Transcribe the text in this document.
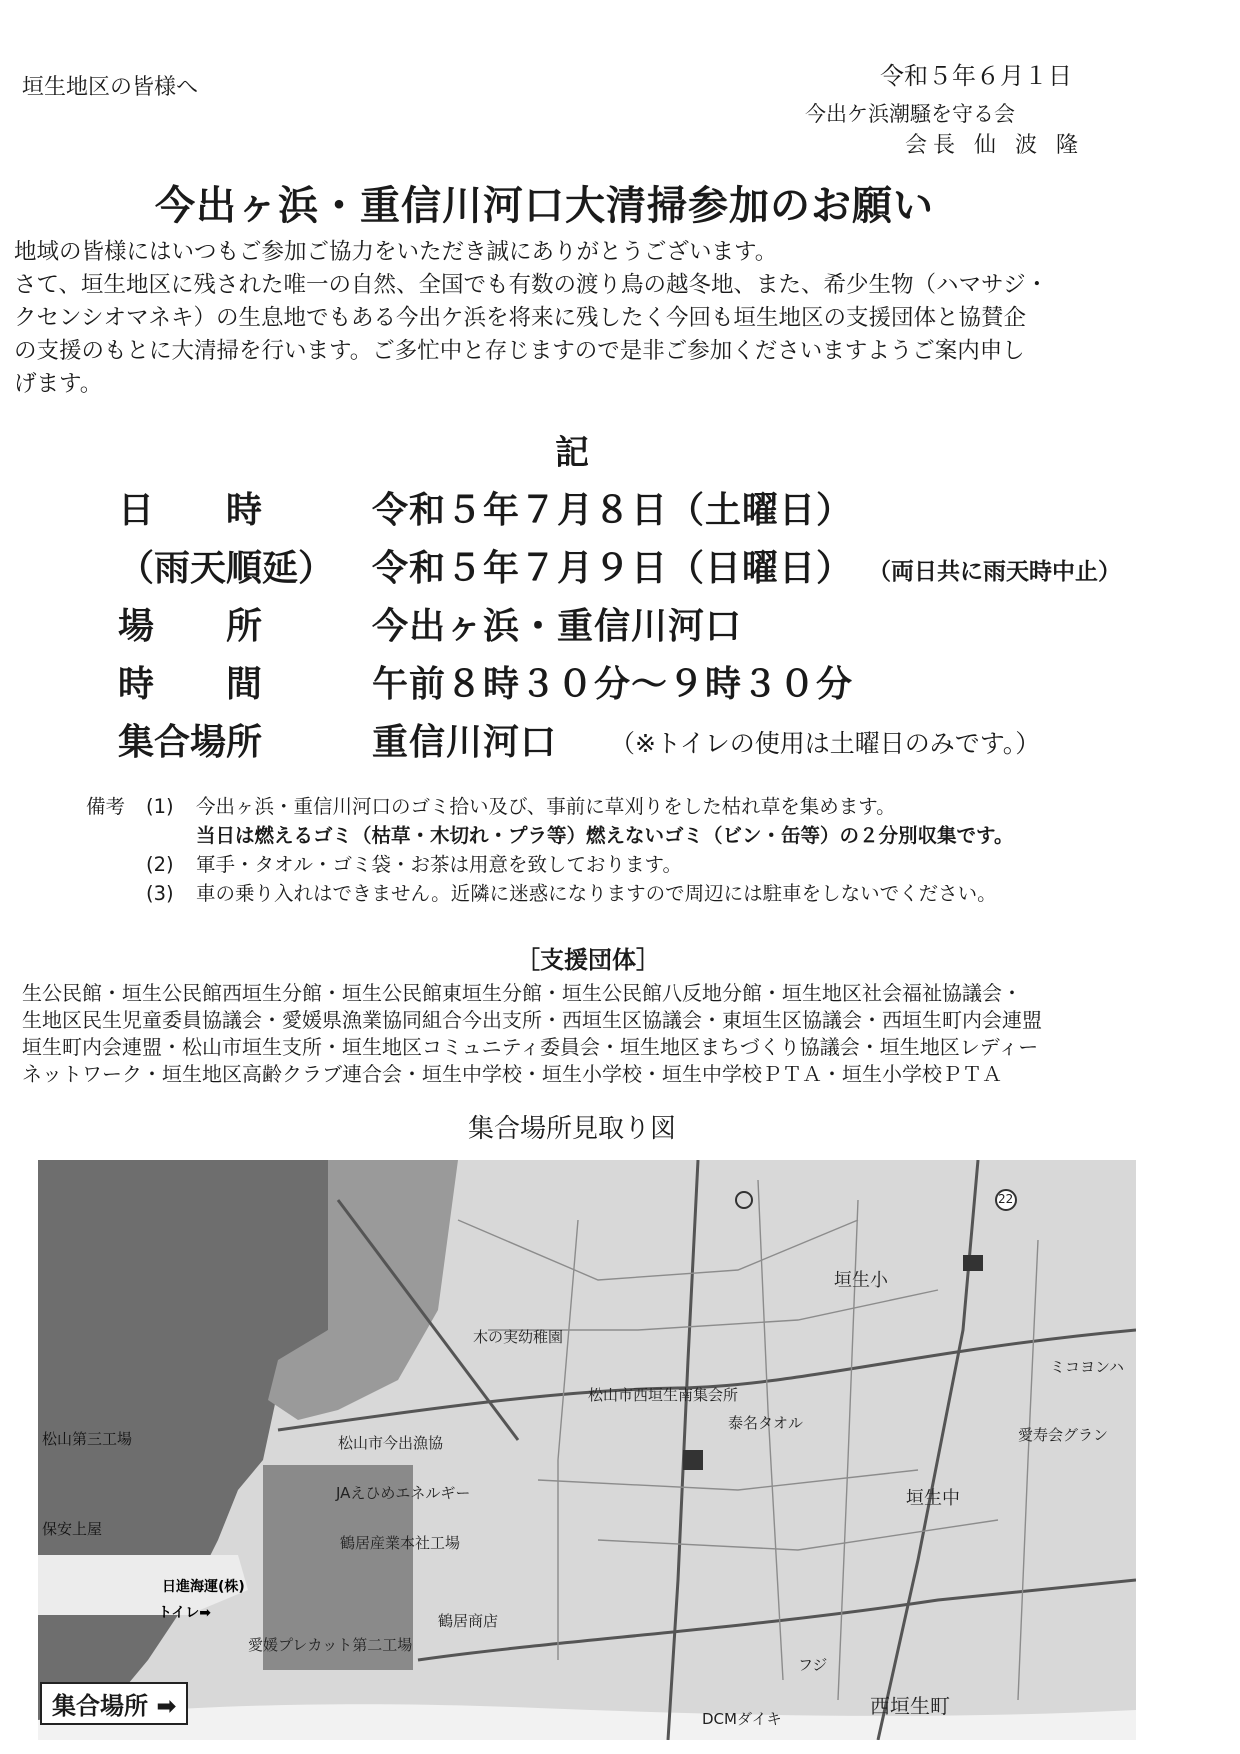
垣生地区の皆様へ	令和５年６月１日
今出ケ浜潮騒を守る会
会長 仙 波 隆
今出ヶ浜・重信川河口大清掃参加のお願い
地域の皆様にはいつもご参加ご協力をいただき誠にありがとうございます。
さて、垣生地区に残された唯一の自然、全国でも有数の渡り鳥の越冬地、また、希少生物（ハマサジ・
クセンシオマネキ）の生息地でもある今出ケ浜を将来に残したく今回も垣生地区の支援団体と協賛企
の支援のもとに大清掃を行います。ご多忙中と存じますので是非ご参加くださいますようご案内申し
げます。
記
日　　時	令和５年７月８日（土曜日）
（雨天順延） 令和５年７月９日（日曜日） （両日共に雨天時中止）
場　　所	今出ヶ浜・重信川河口
時　　間	午前８時３０分～９時３０分
集合場所	重信川河口 （※トイレの使用は土曜日のみです。）
備考 (1) 今出ヶ浜・重信川河口のゴミ拾い及び、事前に草刈りをした枯れ草を集めます。
当日は燃えるゴミ（枯草・木切れ・プラ等）燃えないゴミ（ビン・缶等）の２分別収集です。
(2) 軍手・タオル・ゴミ袋・お茶は用意を致しております。
(3) 車の乗り入れはできません。近隣に迷惑になりますので周辺には駐車をしないでください。
［支援団体］
生公民館・垣生公民館西垣生分館・垣生公民館東垣生分館・垣生公民館八反地分館・垣生地区社会福祉協議会・
生地区民生児童委員協議会・愛媛県漁業協同組合今出支所・西垣生区協議会・東垣生区協議会・西垣生町内会連盟
垣生町内会連盟・松山市垣生支所・垣生地区コミュニティ委員会・垣生地区まちづくり協議会・垣生地区レディー
ネットワーク・垣生地区高齢クラブ連合会・垣生中学校・垣生小学校・垣生中学校ＰＴＡ・垣生小学校ＰＴＡ
集合場所見取り図
木の実幼稚園
松山市西垣生南集会所
泰名タオル
松山市今出漁協
JAえひめエネルギー
鶴居産業本社工場
日進海運(株)
トイレ➡
愛媛プレカット第二工場
鶴居商店
フジ
DCMダイキ
西垣生町
垣生小
垣生中
松山第三工場
保安上屋
ミコヨンハ
愛寿会グラン
22
集合場所 ➡
